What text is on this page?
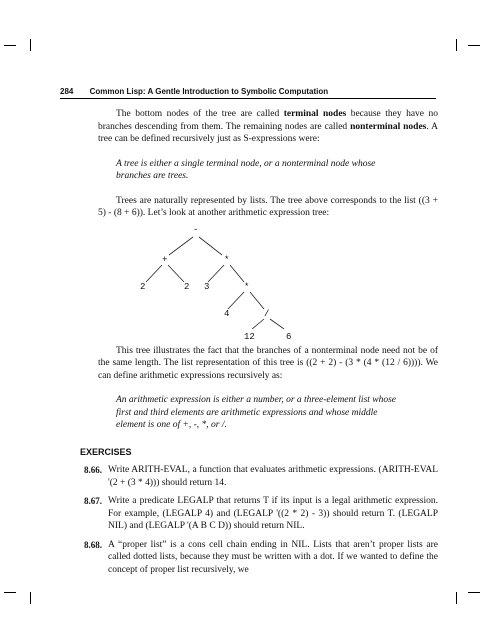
284 Common Lisp: A Gentle Introduction to Symbolic Computation

The bottom nodes of the tree are called terminal nodes because they have no branches descending from them. The remaining nodes are called nonterminal nodes. A tree can be defined recursively just as S-expressions were:

A tree is either a single terminal node, or a nonterminal node whose branches are trees.

Trees are naturally represented by lists. The tree above corresponds to the list ((3 + 5) - (8 + 6)). Let’s look at another arithmetic expression tree:

-
+	*
2	2 3	*
4	/
12	6

This tree illustrates the fact that the branches of a nonterminal node need not be of the same length. The list representation of this tree is ((2 + 2) - (3 * (4 * (12 / 6)))). We can define arithmetic expressions recursively as:

An arithmetic expression is either a number, or a three-element list whose first and third elements are arithmetic expressions and whose middle element is one of +, -, *, or /.

EXERCISES
8.66. Write ARITH-EVAL, a function that evaluates arithmetic expressions. (ARITH-EVAL '(2 + (3 * 4))) should return 14.
8.67. Write a predicate LEGALP that returns T if its input is a legal arithmetic expression. For example, (LEGALP 4) and (LEGALP '((2 * 2) - 3)) should return T. (LEGALP NIL) and (LEGALP '(A B C D)) should return NIL.
8.68. A “proper list” is a cons cell chain ending in NIL. Lists that aren’t proper lists are called dotted lists, because they must be written with a dot. If we wanted to define the concept of proper list recursively, we
